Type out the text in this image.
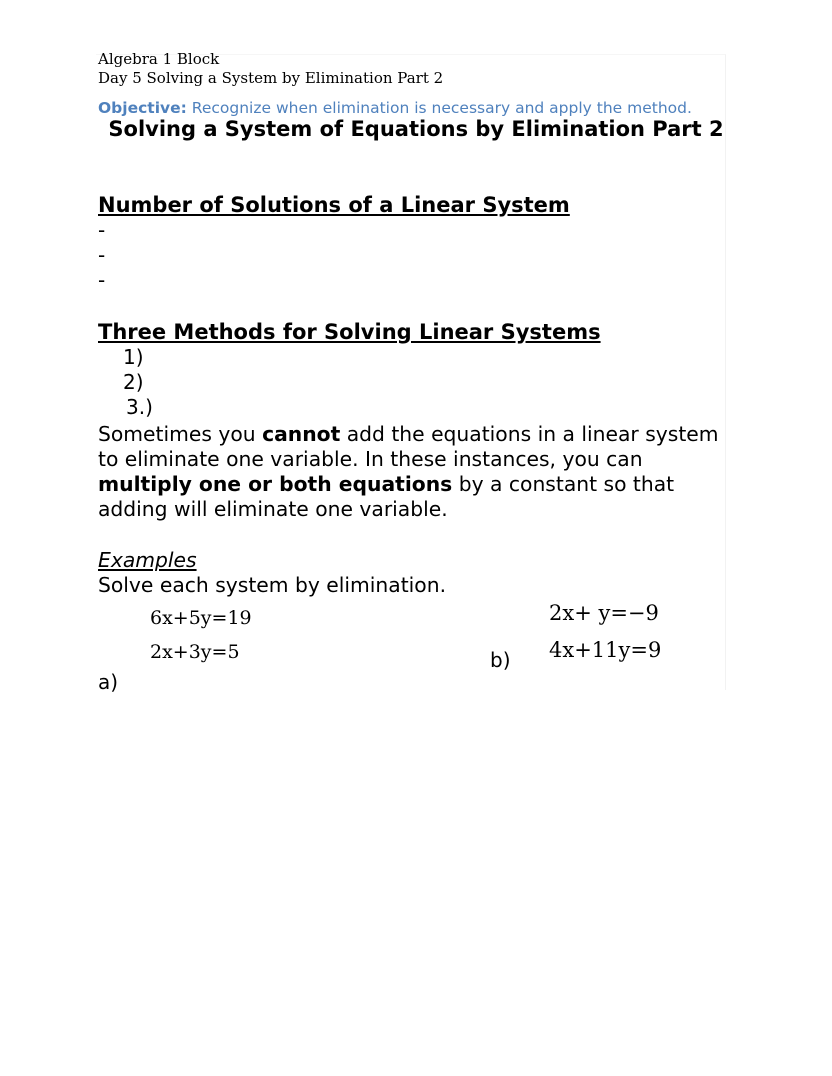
Algebra 1 Block
Day 5 Solving a System by Elimination Part 2
Objective: Recognize when elimination is necessary and apply the method.
Solving a System of Equations by Elimination Part 2
Number of Solutions of a Linear System
-
-
-
Three Methods for Solving Linear Systems
1)
2)
3.)
Sometimes you cannot add the equations in a linear system to eliminate one variable. In these instances, you can multiply one or both equations by a constant so that adding will eliminate one variable.
Examples
Solve each system by elimination.
6x+5y=19
2x+3y=5
a)
2x+ y=−9
4x+11y=9
b)
